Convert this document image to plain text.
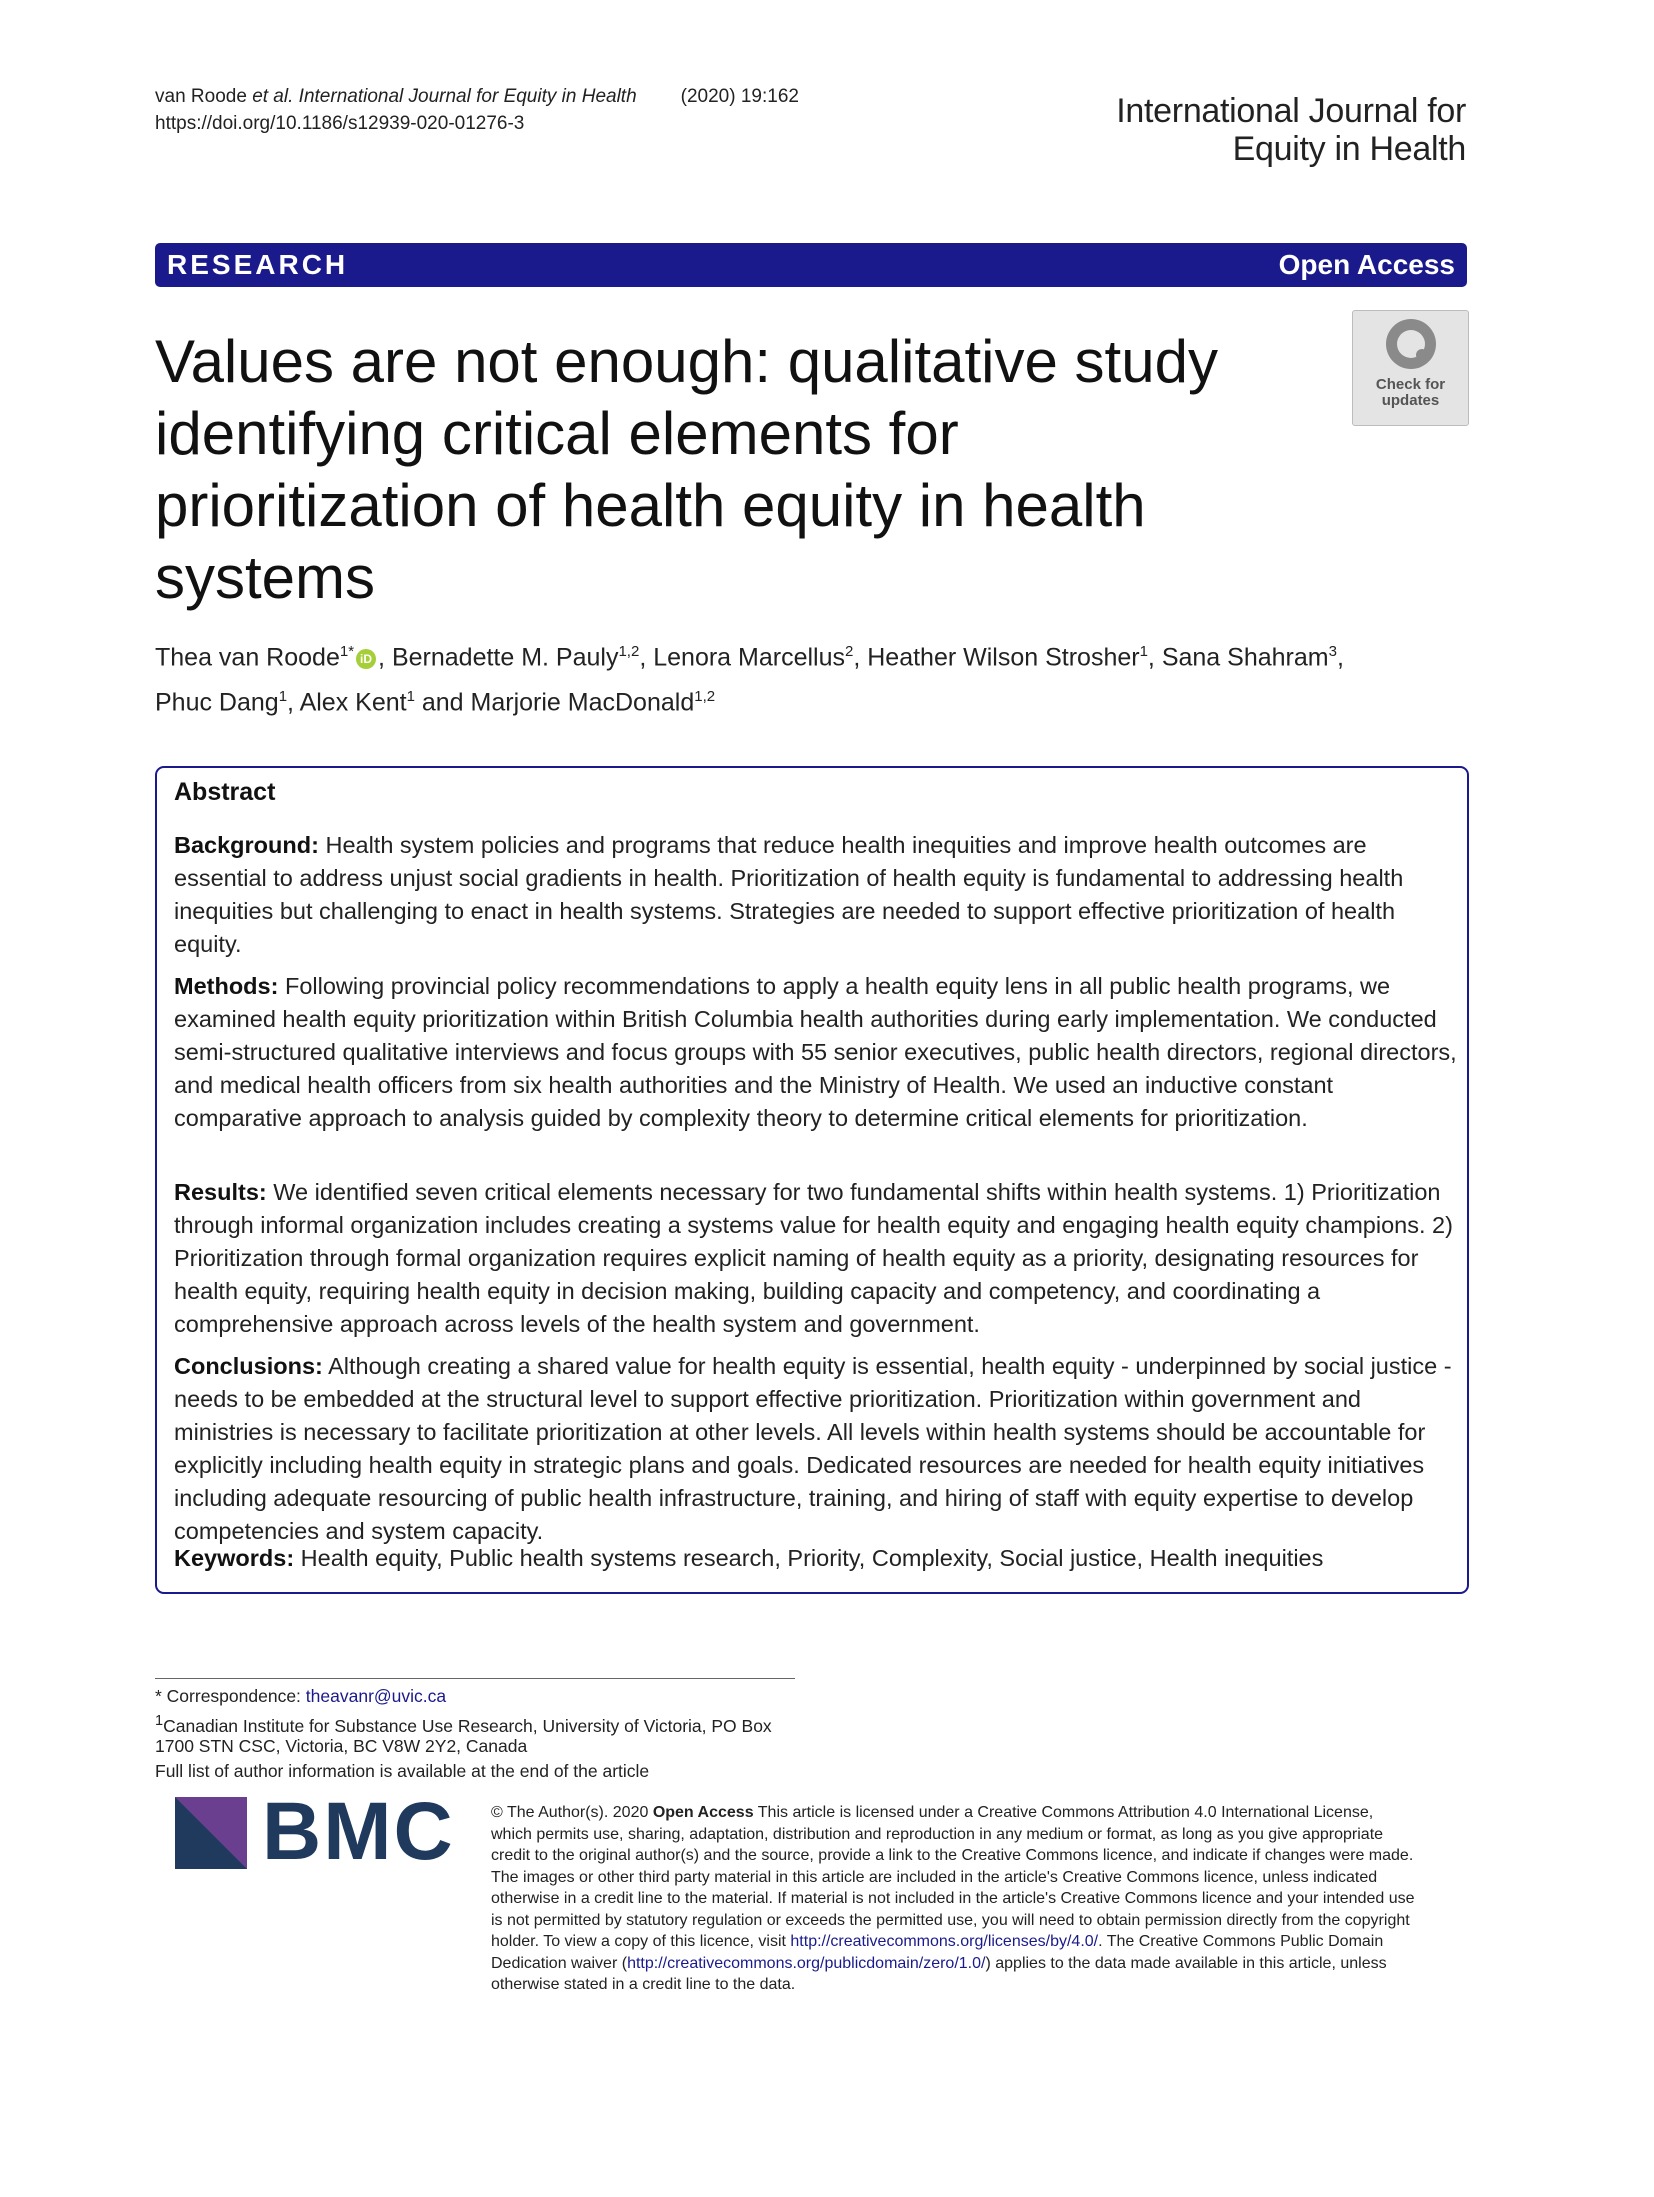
van Roode et al. International Journal for Equity in Health (2020) 19:162
https://doi.org/10.1186/s12939-020-01276-3	International Journal for
Equity in Health
RESEARCH	Open Access
Values are not enough: qualitative study identifying critical elements for prioritization of health equity in health systems
Check for
updates
Thea van Roode$^{1*}$ iD , Bernadette M. Pauly$^{1,2}$, Lenora Marcellus$^2$, Heather Wilson Strosher$^1$, Sana Shahram$^3$,
Phuc Dang$^1$, Alex Kent$^1$ and Marjorie MacDonald$^{1,2}$
Abstract
Background: Health system policies and programs that reduce health inequities and improve health outcomes are essential to address unjust social gradients in health. Prioritization of health equity is fundamental to addressing health inequities but challenging to enact in health systems. Strategies are needed to support effective prioritization of health equity.
Methods: Following provincial policy recommendations to apply a health equity lens in all public health programs, we examined health equity prioritization within British Columbia health authorities during early implementation. We conducted semi-structured qualitative interviews and focus groups with 55 senior executives, public health directors, regional directors, and medical health officers from six health authorities and the Ministry of Health. We used an inductive constant comparative approach to analysis guided by complexity theory to determine critical elements for prioritization.
Results: We identified seven critical elements necessary for two fundamental shifts within health systems. 1) Prioritization through informal organization includes creating a systems value for health equity and engaging health equity champions. 2) Prioritization through formal organization requires explicit naming of health equity as a priority, designating resources for health equity, requiring health equity in decision making, building capacity and competency, and coordinating a comprehensive approach across levels of the health system and government.
Conclusions: Although creating a shared value for health equity is essential, health equity - underpinned by social justice - needs to be embedded at the structural level to support effective prioritization. Prioritization within government and ministries is necessary to facilitate prioritization at other levels. All levels within health systems should be accountable for explicitly including health equity in strategic plans and goals. Dedicated resources are needed for health equity initiatives including adequate resourcing of public health infrastructure, training, and hiring of staff with equity expertise to develop competencies and system capacity.
Keywords: Health equity, Public health systems research, Priority, Complexity, Social justice, Health inequities
* Correspondence: theavanr@uvic.ca
$^1$Canadian Institute for Substance Use Research, University of Victoria, PO Box
1700 STN CSC, Victoria, BC V8W 2Y2, Canada
Full list of author information is available at the end of the article
BMC © The Author(s). 2020 Open Access This article is licensed under a Creative Commons Attribution 4.0 International License, which permits use, sharing, adaptation, distribution and reproduction in any medium or format, as long as you give appropriate credit to the original author(s) and the source, provide a link to the Creative Commons licence, and indicate if changes were made. The images or other third party material in this article are included in the article's Creative Commons licence, unless indicated otherwise in a credit line to the material. If material is not included in the article's Creative Commons licence and your intended use is not permitted by statutory regulation or exceeds the permitted use, you will need to obtain permission directly from the copyright holder. To view a copy of this licence, visit http://creativecommons.org/licenses/by/4.0/. The Creative Commons Public Domain Dedication waiver (http://creativecommons.org/publicdomain/zero/1.0/) applies to the data made available in this article, unless otherwise stated in a credit line to the data.
